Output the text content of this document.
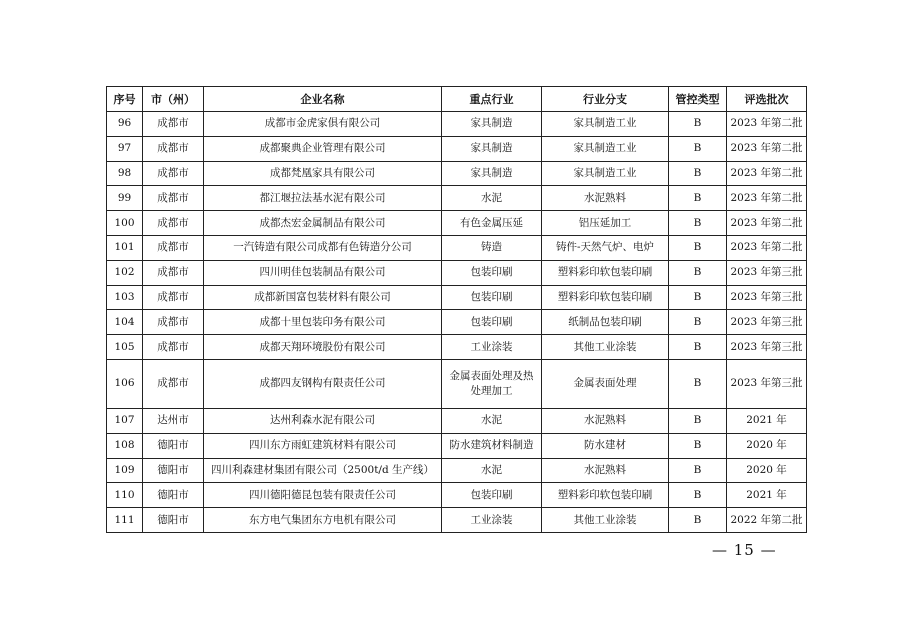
序号	市（州）	企业名称	重点行业	行业分支	管控类型	评选批次
96	成都市	成都市金虎家俱有限公司	家具制造	家具制造工业	B	2023 年第二批
97	成都市	成都聚典企业管理有限公司	家具制造	家具制造工业	B	2023 年第二批
98	成都市	成都梵凰家具有限公司	家具制造	家具制造工业	B	2023 年第二批
99	成都市	都江堰拉法基水泥有限公司	水泥	水泥熟料	B	2023 年第二批
100	成都市	成都杰宏金属制品有限公司	有色金属压延	铝压延加工	B	2023 年第二批
101	成都市	一汽铸造有限公司成都有色铸造分公司	铸造	铸件-天然气炉、电炉	B	2023 年第二批
102	成都市	四川明佳包装制品有限公司	包装印刷	塑料彩印软包装印刷	B	2023 年第三批
103	成都市	成都新国富包装材料有限公司	包装印刷	塑料彩印软包装印刷	B	2023 年第三批
104	成都市	成都十里包装印务有限公司	包装印刷	纸制品包装印刷	B	2023 年第三批
105	成都市	成都天翔环境股份有限公司	工业涂装	其他工业涂装	B	2023 年第三批
106	成都市	成都四友钢构有限责任公司	金属表面处理及热处理加工	金属表面处理	B	2023 年第三批
107	达州市	达州利森水泥有限公司	水泥	水泥熟料	B	2021 年
108	德阳市	四川东方雨虹建筑材料有限公司	防水建筑材料制造	防水建材	B	2020 年
109	德阳市	四川利森建材集团有限公司（2500t/d 生产线）	水泥	水泥熟料	B	2020 年
110	德阳市	四川德阳德昆包装有限责任公司	包装印刷	塑料彩印软包装印刷	B	2021 年
111	德阳市	东方电气集团东方电机有限公司	工业涂装	其他工业涂装	B	2022 年第二批
— 15 —
